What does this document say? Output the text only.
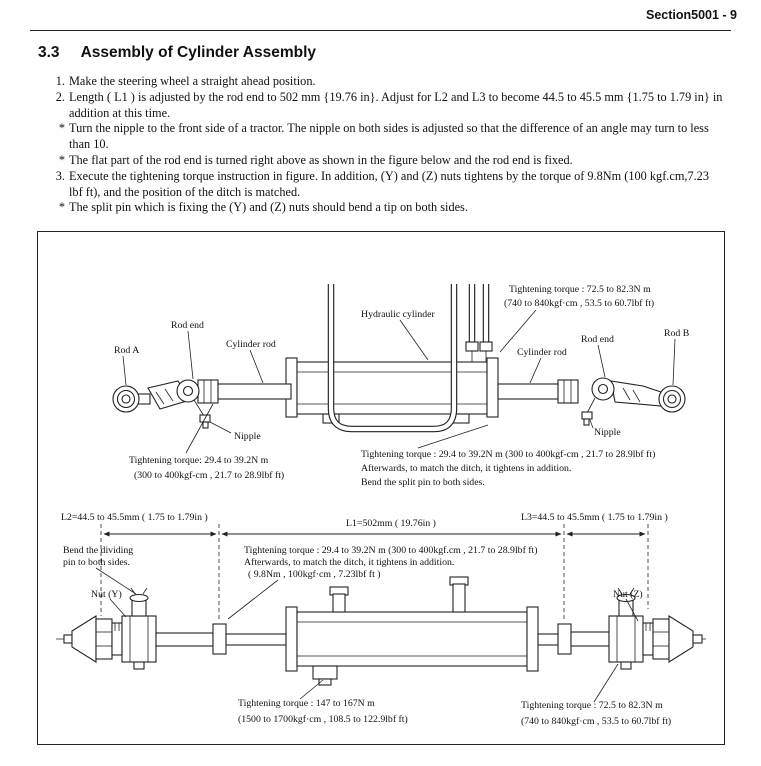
Section5001 - 9
3.3 Assembly of Cylinder Assembly
1. Make the steering wheel a straight ahead position.
2. Length ( L1 ) is adjusted by the rod end to 502 mm {19.76 in}. Adjust for L2 and L3 to become 44.5 to 45.5 mm {1.75 to 1.79 in} in addition at this time.
* Turn the nipple to the front side of a tractor. The nipple on both sides is adjusted so that the difference of an angle may turn to less than 10.
* The flat part of the rod end is turned right above as shown in the figure below and the rod end is fixed.
3. Execute the tightening torque instruction in figure. In addition, (Y) and (Z) nuts tightens by the torque of 9.8Nm (100 kgf.cm,7.23 lbf ft), and the position of the ditch is matched.
* The split pin which is fixing the (Y) and (Z) nuts should bend a tip on both sides.
Tightening torque : 72.5 to 82.3N m
(740 to 840kgf·cm , 53.5 to 60.7lbf ft)
Hydraulic cylinder
Rod end
Rod B
Rod end
Rod A
Cylinder rod
Cylinder rod
Nipple	Nipple
Tightening torque: 29.4 to 39.2N m
(300 to 400kgf-cm , 21.7 to 28.9lbf ft)
Tightening torque : 29.4 to 39.2N m (300 to 400kgf-cm , 21.7 to 28.9lbf ft)
Afterwards, to match the ditch, it tightens in addition.
Bend the split pin to both sides.
L2=44.5 to 45.5mm ( 1.75 to 1.79in )
L1=502mm ( 19.76in )
L3=44.5 to 45.5mm ( 1.75 to 1.79in )
Bend the dividing
pin to both sides.
Tightening torque : 29.4 to 39.2N m (300 to 400kgf.cm , 21.7 to 28.9lbf ft)
Afterwards, to match the ditch, it tightens in addition.
( 9.8Nm , 100kgf·cm , 7.23lbf ft )
Nut (Y)	Nut (Z)
Tightening torque : 147 to 167N m
(1500 to 1700kgf·cm , 108.5 to 122.9lbf ft)
Tightening torque : 72.5 to 82.3N m
(740 to 840kgf·cm , 53.5 to 60.7lbf ft)
